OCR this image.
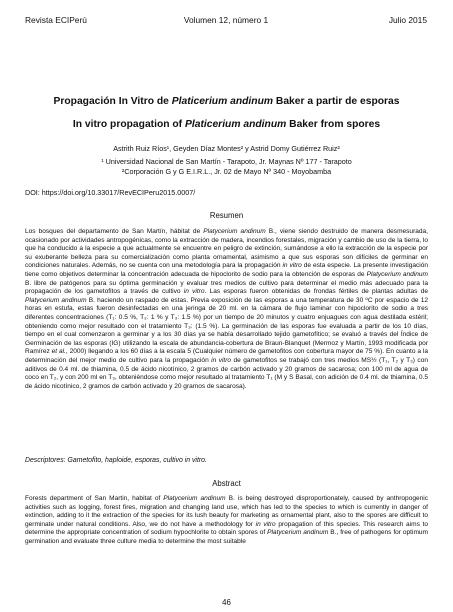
Revista ECIPerú	Volumen 12, número 1	Julio 2015
Propagación In Vitro de Platicerium andinum Baker a partir de esporas
In vitro propagation of Platicerium andinum Baker from spores
Astrith Ruiz Ríos¹, Geyden Díaz Montes² y Astrid Domy Gutiérrez Ruiz²
¹ Universidad Nacional de San Martín - Tarapoto, Jr. Maynas Nº 177 - Tarapoto
²Corporación G y G E.I.R.L., Jr. 02 de Mayo Nº 340 - Moyobamba
DOI: https://doi.org/10.33017/RevECIPeru2015.0007/
Resumen
Los bosques del departamento de San Martín, hábitat de Platycerium andinum B., viene siendo destruido de manera desmesurada, ocasionado por actividades antropogénicas, como la extracción de madera, incendios forestales, migración y cambio de uso de la tierra, lo que ha conducido a la especie a que actualmente se encuentre en peligro de extinción, sumándose a ello la extracción de la especie por su exuberante belleza para su comercialización como planta ornamental, asimismo a que sus esporas son difíciles de germinar en condiciones naturales. Además, no se cuenta con una metodología para la propagación in vitro de esta especie. La presente investigación tiene como objetivos determinar la concentración adecuada de hipoclorito de sodio para la obtención de esporas de Platycerium andinum B. libre de patógenos para su óptima germinación y evaluar tres medios de cultivo para determinar el medio más adecuado para la propagación de los gametofitos a través de cultivo in vitro. Las esporas fueron obtenidas de frondas fértiles de plantas adultas de Platycerium andinum B. haciendo un raspado de estas. Previa exposición de las esporas a una temperatura de 30 ºC por espacio de 12 horas en estufa, estas fueron desinfectadas en una jeringa de 20 ml. en la cámara de flujo laminar con hipoclorito de sodio a tres diferentes concentraciones (T₁: 0.5 %, T₂: 1 % y T₃: 1.5 %) por un tiempo de 20 minutos y cuatro enjuagues con agua destilada estéril; obteniendo como mejor resultado con el tratamiento T₃: (1.5 %). La germinación de las esporas fue evaluada a partir de los 10 días, tiempo en el cual comenzaron a germinar y a los 30 días ya se había desarrollado tejido gametofítico; se evaluó a través del Índice de Germinación de las esporas (IG) utilizando la escala de abundancia-cobertura de Braun-Blanquet (Mermoz y Martín, 1993 modificada por Ramírez et al., 2000) llegando a los 60 días a la escala 5 (Cualquier número de gametofitos con cobertura mayor de 75 %). En cuanto a la determinación del mejor medio de cultivo para la propagación in vitro de gametofitos se trabajó con tres medios MS½ (T₁, T₂ y T₃) con aditivos de 0.4 ml. de thiamina, 0.5 de ácido nicotínico, 2 gramos de carbón activado y 20 gramos de sacarosa; con 100 ml de agua de coco en T₂, y con 200 ml en T₃, obteniéndose como mejor resultado al tratamiento T₁ (M y S Basal, con adición de 0.4 ml. de thiamina, 0.5 de ácido nicotínico, 2 gramos de carbón activado y 20 gramos de sacarosa).
Descriptores: Gametofito, haploide, esporas, cultivo in vitro.
Abstract
Forests department of San Martin, habitat of Platycerium andinum B. is being destroyed disproportionately, caused by anthropogenic activities such as logging, forest fires, migration and changing land use, which has led to the species to which is currently in danger of extinction, adding to it the extraction of the species for its lush beauty for marketing as ornamental plant, also to the spores are difficult to germinate under natural conditions. Also, we do not have a methodology for in vitro propagation of this species. This research aims to determine the appropriate concentration of sodium hypochlorite to obtain spores of Platycerium andinum B., free of pathogens for optimum germination and evaluate three culture media to determine the most suitable
46
